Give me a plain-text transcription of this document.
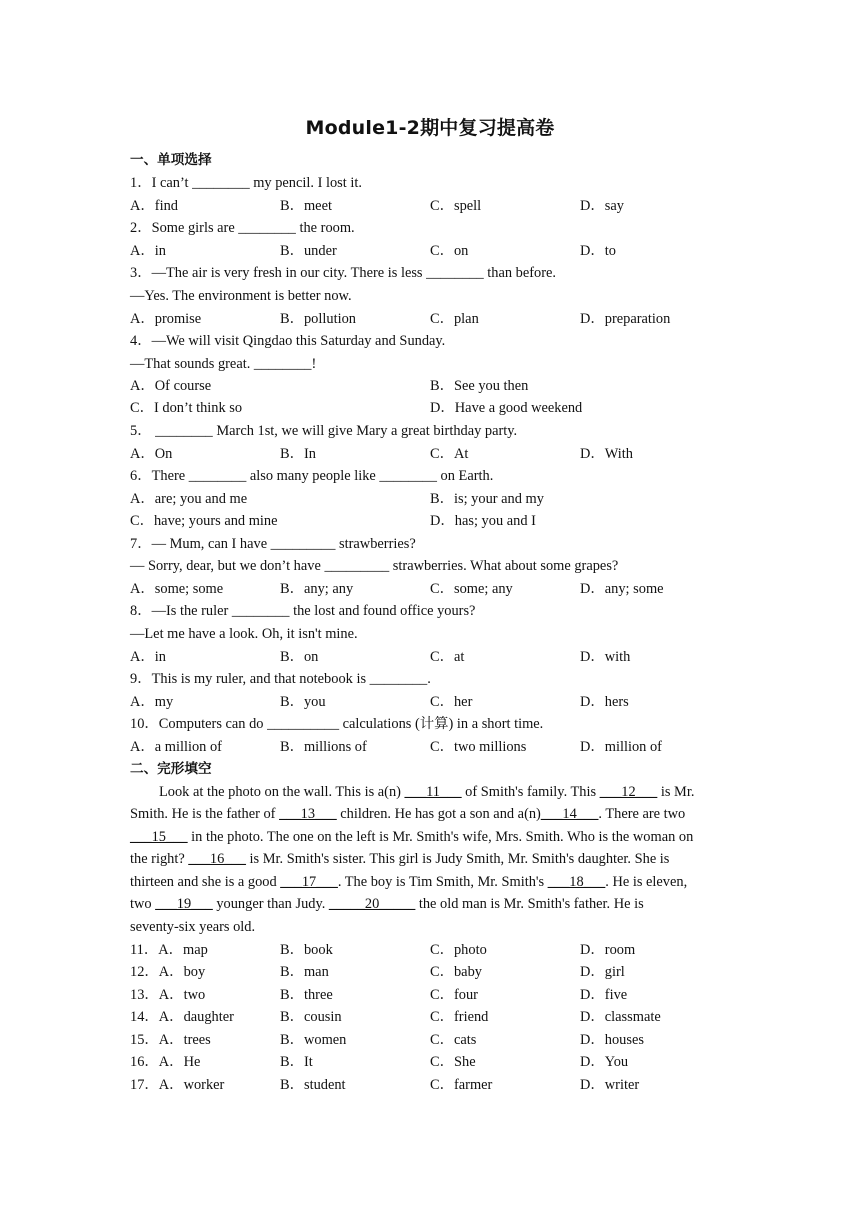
Module1-2期中复习提高卷
一、单项选择
1．I can’t ________ my pencil. I lost it.
A．find	B．meet	C．spell	D．say
2．Some girls are ________ the room.
A．in	B．under	C．on	D．to
3．—The air is very fresh in our city. There is less ________ than before.
—Yes. The environment is better now.
A．promise	B．pollution	C．plan	D．preparation
4．—We will visit Qingdao this Saturday and Sunday.
—That sounds great. ________!
A．Of course	B．See you then
C．I don’t think so	D．Have a good weekend
5． ________ March 1st, we will give Mary a great birthday party.
A．On	B．In	C．At	D．With
6．There ________ also many people like ________ on Earth.
A．are; you and me	B．is; your and my
C．have; yours and mine	D．has; you and I
7．— Mum, can I have _________ strawberries?
— Sorry, dear, but we don’t have _________ strawberries. What about some grapes?
A．some; some	B．any; any	C．some; any	D．any; some
8．—Is the ruler ________ the lost and found office yours?
—Let me have a look. Oh, it isn't mine.
A．in	B．on	C．at	D．with
9．This is my ruler, and that notebook is ________.
A．my	B．you	C．her	D．hers
10．Computers can do __________ calculations (计算) in a short time.
A．a million of	B．millions of	C．two millions	D．million of
二、完形填空
Look at the photo on the wall. This is a(n) ___11___ of Smith's family. This ___12___ is Mr.
Smith. He is the father of ___13___ children. He has got a son and a(n)___14___. There are two
___15___ in the photo. The one on the left is Mr. Smith's wife, Mrs. Smith. Who is the woman on
the right? ___16___ is Mr. Smith's sister. This girl is Judy Smith, Mr. Smith's daughter. She is
thirteen and she is a good ___17___. The boy is Tim Smith, Mr. Smith's ___18___. He is eleven,
two ___19___ younger than Judy. _____20_____ the old man is Mr. Smith's father. He is
seventy-six years old.
11．A．map	B．book	C．photo	D．room
12．A．boy	B．man	C．baby	D．girl
13．A．two	B．three	C．four	D．five
14．A．daughter	B．cousin	C．friend	D．classmate
15．A．trees	B．women	C．cats	D．houses
16．A．He	B．It	C．She	D．You
17．A．worker	B．student	C．farmer	D．writer
